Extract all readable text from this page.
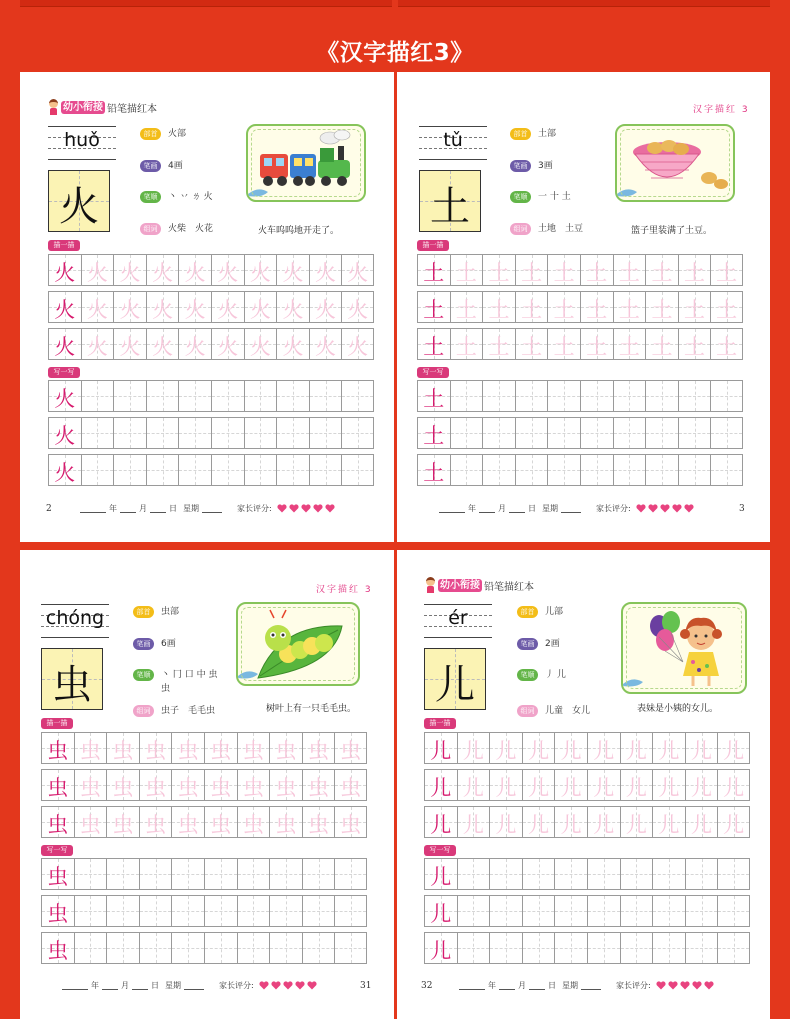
《汉字描红3》
幼小衔接 铅笔描红本
huǒ
火
部首	火部
笔画	4画
笔顺	丶 丷 ㄌ 火
组词	火柴　火花	火车呜呜地开走了。
描一描
火 火 火 火 火 火 火 火 火 火
火 火 火 火 火 火 火 火 火 火
火 火 火 火 火 火 火 火 火 火
写一写
火
火
火
2	年	月	日 星期	家长评分:
汉字描红 3
tǔ
土
部首	土部
笔画	3画
笔顺	一 十 土
组词	土地　土豆	篮子里装满了土豆。
描一描
土 土 土 土 土 土 土 土 土 土
土 土 土 土 土 土 土 土 土 土
土 土 土 土 土 土 土 土 土 土
写一写
土
土
土
年	月	日 星期	家长评分:	3
汉字描红 3
chóng
虫
部首	虫部
笔画	6画
笔顺	丶 冂 口 中 虫 虫
组词	虫子　毛毛虫	树叶上有一只毛毛虫。
描一描
虫 虫 虫 虫 虫 虫 虫 虫 虫 虫
虫 虫 虫 虫 虫 虫 虫 虫 虫 虫
虫 虫 虫 虫 虫 虫 虫 虫 虫 虫
写一写
虫
虫
虫
年	月	日 星期	家长评分:	31
幼小衔接 铅笔描红本
ér
儿
部首	儿部
笔画	2画
笔顺	丿 儿
组词	儿童　女儿	表妹是小姨的女儿。
描一描
儿 儿 儿 儿 儿 儿 儿 儿 儿 儿
儿 儿 儿 儿 儿 儿 儿 儿 儿 儿
儿 儿 儿 儿 儿 儿 儿 儿 儿 儿
写一写
儿
儿
儿
32	年	月	日 星期	家长评分:
